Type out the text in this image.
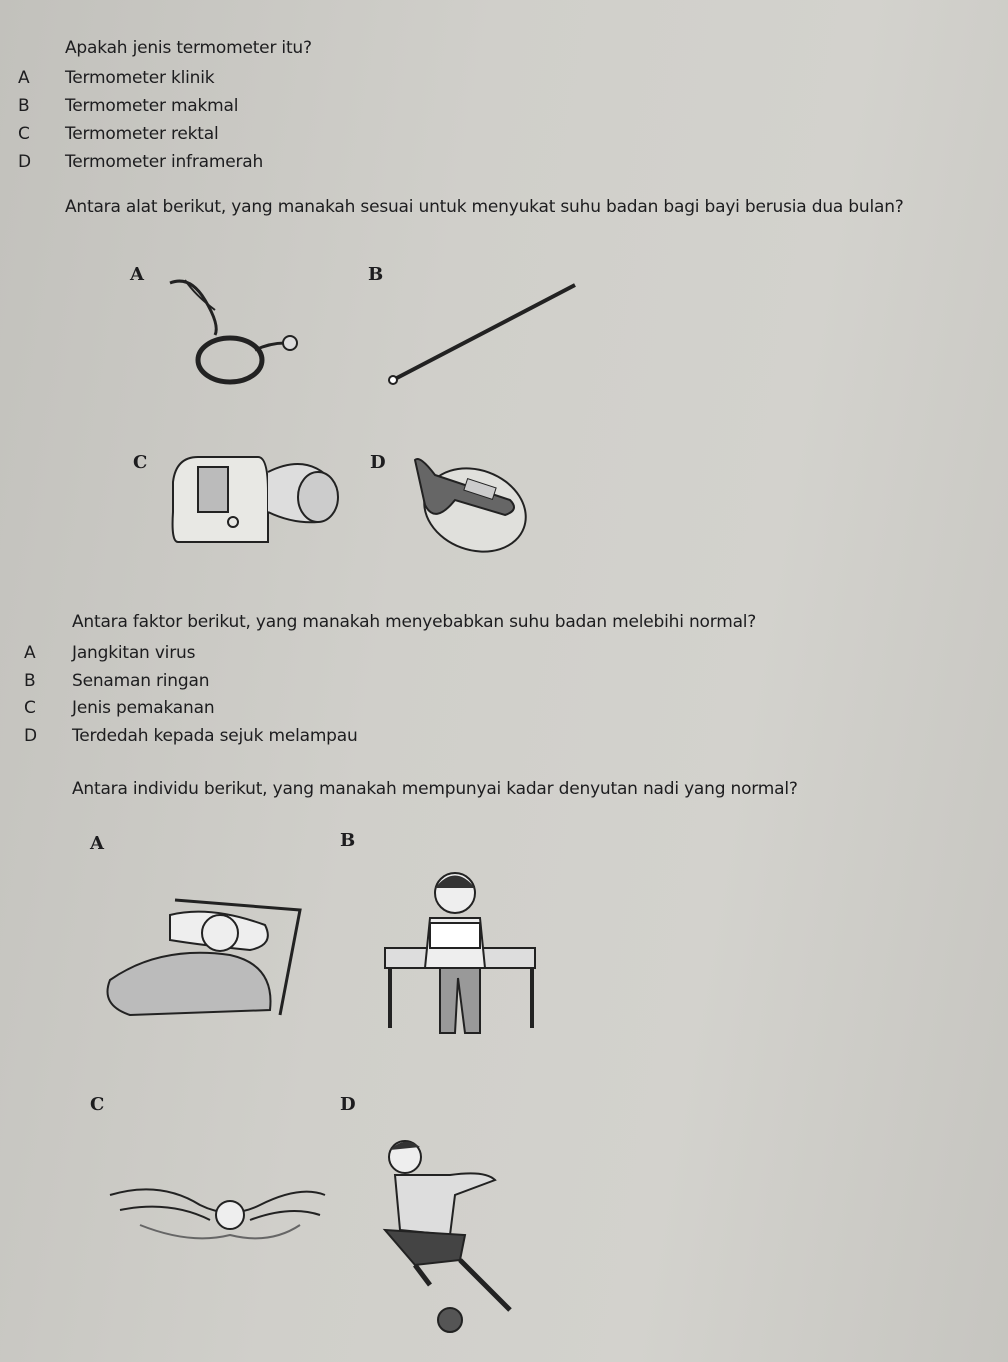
Apakah jenis termometer itu?
A Termometer klinik
B Termometer makmal
C Termometer rektal
D Termometer inframerah
Antara alat berikut, yang manakah sesuai untuk menyukat suhu badan bagi bayi berusia dua bulan?
A	B
C	D
Antara faktor berikut, yang manakah menyebabkan suhu badan melebihi normal?
A Jangkitan virus
B Senaman ringan
C Jenis pemakanan
D Terdedah kepada sejuk melampau
Antara individu berikut, yang manakah mempunyai kadar denyutan nadi yang normal?
A	B
C	D
